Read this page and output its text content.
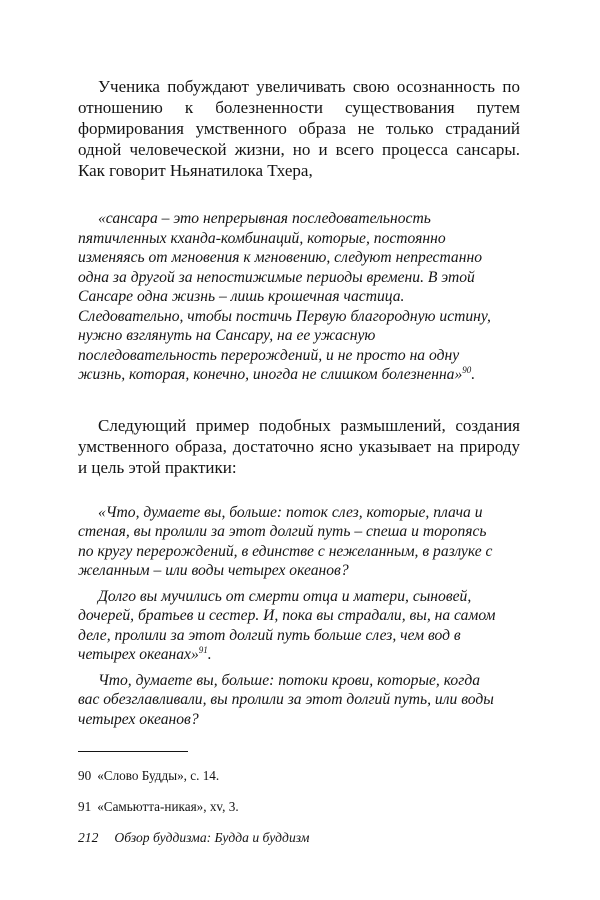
Ученика побуждают увеличивать свою осознанность по отношению к болезненности существования путем формирования умственного образа не только страданий одной человеческой жизни, но и всего процесса сансары. Как говорит Ньянатилока Тхера,

«сансара – это непрерывная последовательность пятичленных кханда-комбинаций, которые, постоянно изменяясь от мгновения к мгновению, следуют непрестанно одна за другой за непостижимые периоды времени. В этой Сансаре одна жизнь – лишь крошечная частица. Следовательно, чтобы постичь Первую благородную истину, нужно взглянуть на Сансару, на ее ужасную последовательность перерождений, и не просто на одну жизнь, которая, конечно, иногда не слишком болезненна»$^{90}$.

Следующий пример подобных размышлений, создания умственного образа, достаточно ясно указывает на природу и цель этой практики:

«Что, думаете вы, больше: поток слез, которые, плача и стеная, вы пролили за этот долгий путь – спеша и торопясь по кругу перерождений, в единстве с нежеланным, в разлуке с желанным – или воды четырех океанов?

Долго вы мучились от смерти отца и матери, сыновей, дочерей, братьев и сестер. И, пока вы страдали, вы, на самом деле, пролили за этот долгий путь больше слез, чем вод в четырех океанах»$^{91}$.

Что, думаете вы, больше: потоки крови, которые, когда вас обезглавливали, вы пролили за этот долгий путь, или воды четырех океанов?

90 «Слово Будды», с. 14.

91 «Самьютта-никая», xv, 3.

212 Обзор буддизма: Будда и буддизм
